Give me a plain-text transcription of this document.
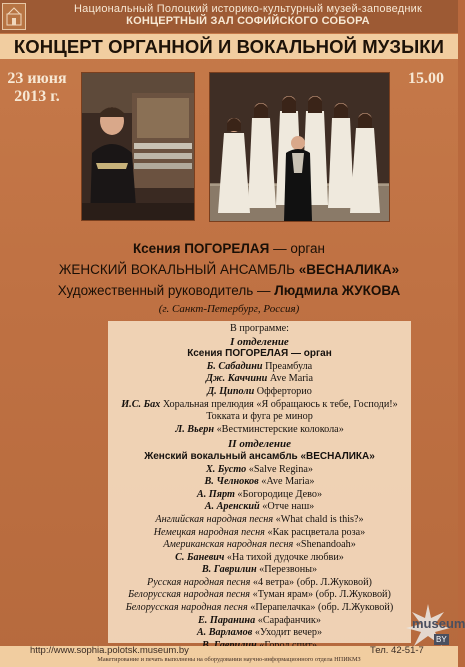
Национальный Полоцкий историко-культурный музей-заповедник
КОНЦЕРТНЫЙ ЗАЛ СОФИЙСКОГО СОБОРА
КОНЦЕРТ ОРГАННОЙ И ВОКАЛЬНОЙ МУЗЫКИ
23 июня
2013 г.
15.00
Ксения ПОГОРЕЛАЯ — орган
ЖЕНСКИЙ ВОКАЛЬНЫЙ АНСАМБЛЬ «ВЕСНАЛИКА»
Художественный руководитель — Людмила ЖУКОВА
(г. Санкт-Петербург, Россия)
В программе:
I отделение
Ксения ПОГОРЕЛАЯ — орган
Б. Сабадини Преамбула
Дж. Каччини Ave Maria
Д. Циполи Офферторио
И.С. Бах Хоральная прелюдия «Я обращаюсь к тебе, Господи!»
Токката и фуга ре минор
Л. Вьерн «Вестминстерские колокола»
II отделение
Женский вокальный ансамбль «ВЕСНАЛИКА»
Х. Бусто «Salve Regina»
В. Челноков «Ave Maria»
А. Пярт «Богородице Дево»
А. Аренский «Отче наш»
Английская народная песня «What chald is this?»
Немецкая народная песня «Как расцветала роза»
Американская народная песня «Shenandoah»
С. Баневич «На тихой дудочке любви»
В. Гаврилин «Перезвоны»
Русская народная песня «4 ветра» (обр. Л.Жуковой)
Белорусская народная песня «Туман ярам» (обр. Л.Жуковой)
Белорусская народная песня «Перапелачка» (обр. Л.Жуковой)
Е. Паранина «Сарафанчик»
А. Варламов «Уходит вечер»
http://www.sophia.polotsk.museum.by	Тел. 42-51-7
Макетирование и печать выполнены на оборудовании научно-информационного отдела НПИКМЗ
museum
BY
